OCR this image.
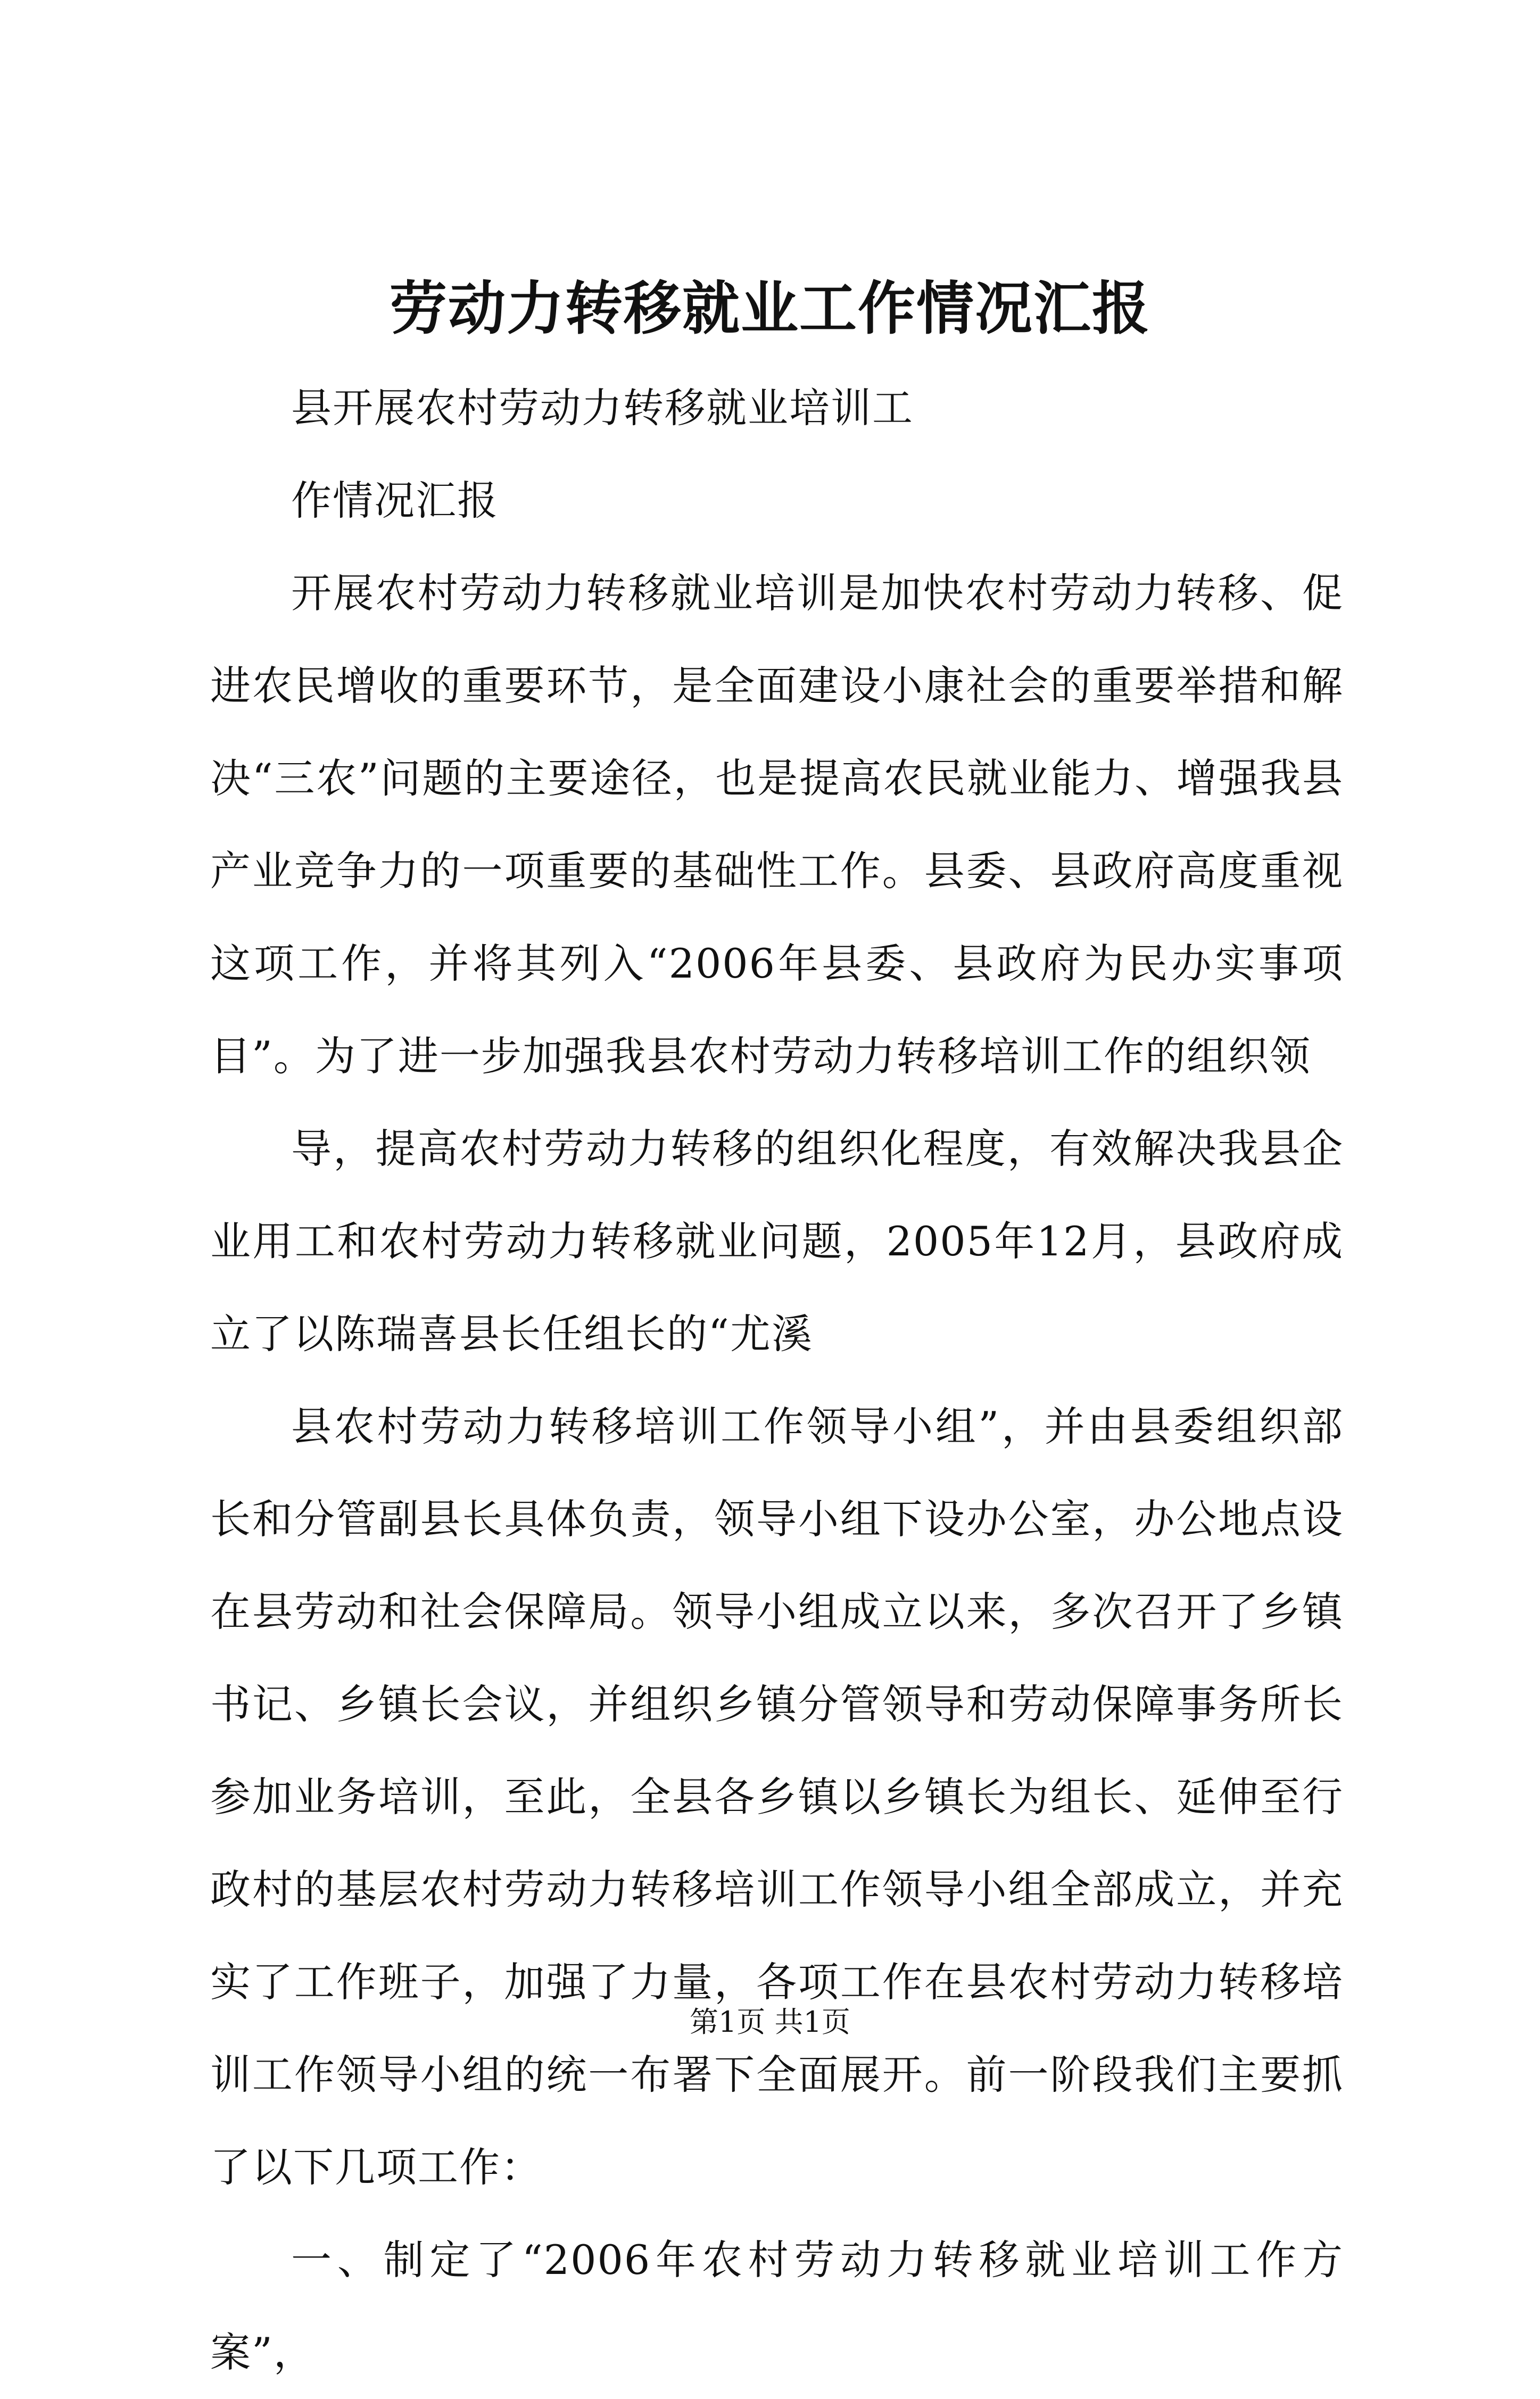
劳动力转移就业工作情况汇报

县开展农村劳动力转移就业培训工

作情况汇报

开展农村劳动力转移就业培训是加快农村劳动力转移、促进农民增收的重要环节，是全面建设小康社会的重要举措和解决“三农”问题的主要途径，也是提高农民就业能力、增强我县产业竞争力的一项重要的基础性工作。县委、县政府高度重视这项工作，并将其列入“2006年县委、县政府为民办实事项目”。为了进一步加强我县农村劳动力转移培训工作的组织领

导，提高农村劳动力转移的组织化程度，有效解决我县企业用工和农村劳动力转移就业问题，2005年12月，县政府成立了以陈瑞喜县长任组长的“尤溪

县农村劳动力转移培训工作领导小组”，并由县委组织部长和分管副县长具体负责，领导小组下设办公室，办公地点设在县劳动和社会保障局。领导小组成立以来，多次召开了乡镇书记、乡镇长会议，并组织乡镇分管领导和劳动保障事务所长参加业务培训，至此，全县各乡镇以乡镇长为组长、延伸至行政村的基层农村劳动力转移培训工作领导小组全部成立，并充实了工作班子，加强了力量，各项工作在县农村劳动力转移培训工作领导小组的统一布署下全面展开。前一阶段我们主要抓了以下几项工作：

一、制定了“2006年农村劳动力转移就业培训工作方案”，

第1页 共1页
